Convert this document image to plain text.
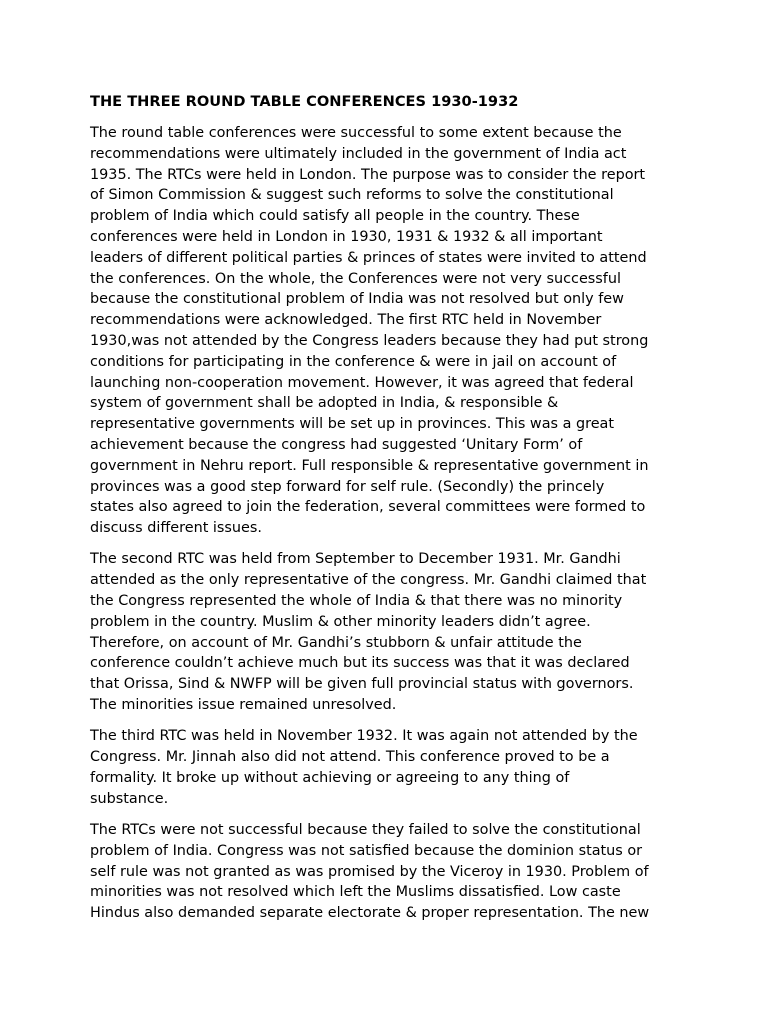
THE THREE ROUND TABLE CONFERENCES 1930-1932

The round table conferences were successful to some extent because the
recommendations were ultimately included in the government of India act
1935. The RTCs were held in London. The purpose was to consider the report
of Simon Commission & suggest such reforms to solve the constitutional
problem of India which could satisfy all people in the country. These
conferences were held in London in 1930, 1931 & 1932 & all important
leaders of different political parties & princes of states were invited to attend
the conferences. On the whole, the Conferences were not very successful
because the constitutional problem of India was not resolved but only few
recommendations were acknowledged. The first RTC held in November
1930,was not attended by the Congress leaders because they had put strong
conditions for participating in the conference & were in jail on account of
launching non-cooperation movement. However, it was agreed that federal
system of government shall be adopted in India, & responsible &
representative governments will be set up in provinces. This was a great
achievement because the congress had suggested ‘Unitary Form’ of
government in Nehru report. Full responsible & representative government in
provinces was a good step forward for self rule. (Secondly) the princely
states also agreed to join the federation, several committees were formed to
discuss different issues.

The second RTC was held from September to December 1931. Mr. Gandhi
attended as the only representative of the congress. Mr. Gandhi claimed that
the Congress represented the whole of India & that there was no minority
problem in the country. Muslim & other minority leaders didn’t agree.
Therefore, on account of Mr. Gandhi’s stubborn & unfair attitude the
conference couldn’t achieve much but its success was that it was declared
that Orissa, Sind & NWFP will be given full provincial status with governors.
The minorities issue remained unresolved.

The third RTC was held in November 1932. It was again not attended by the
Congress. Mr. Jinnah also did not attend. This conference proved to be a
formality. It broke up without achieving or agreeing to any thing of
substance.

The RTCs were not successful because they failed to solve the constitutional
problem of India. Congress was not satisfied because the dominion status or
self rule was not granted as was promised by the Viceroy in 1930. Problem of
minorities was not resolved which left the Muslims dissatisfied. Low caste
Hindus also demanded separate electorate & proper representation. The new
